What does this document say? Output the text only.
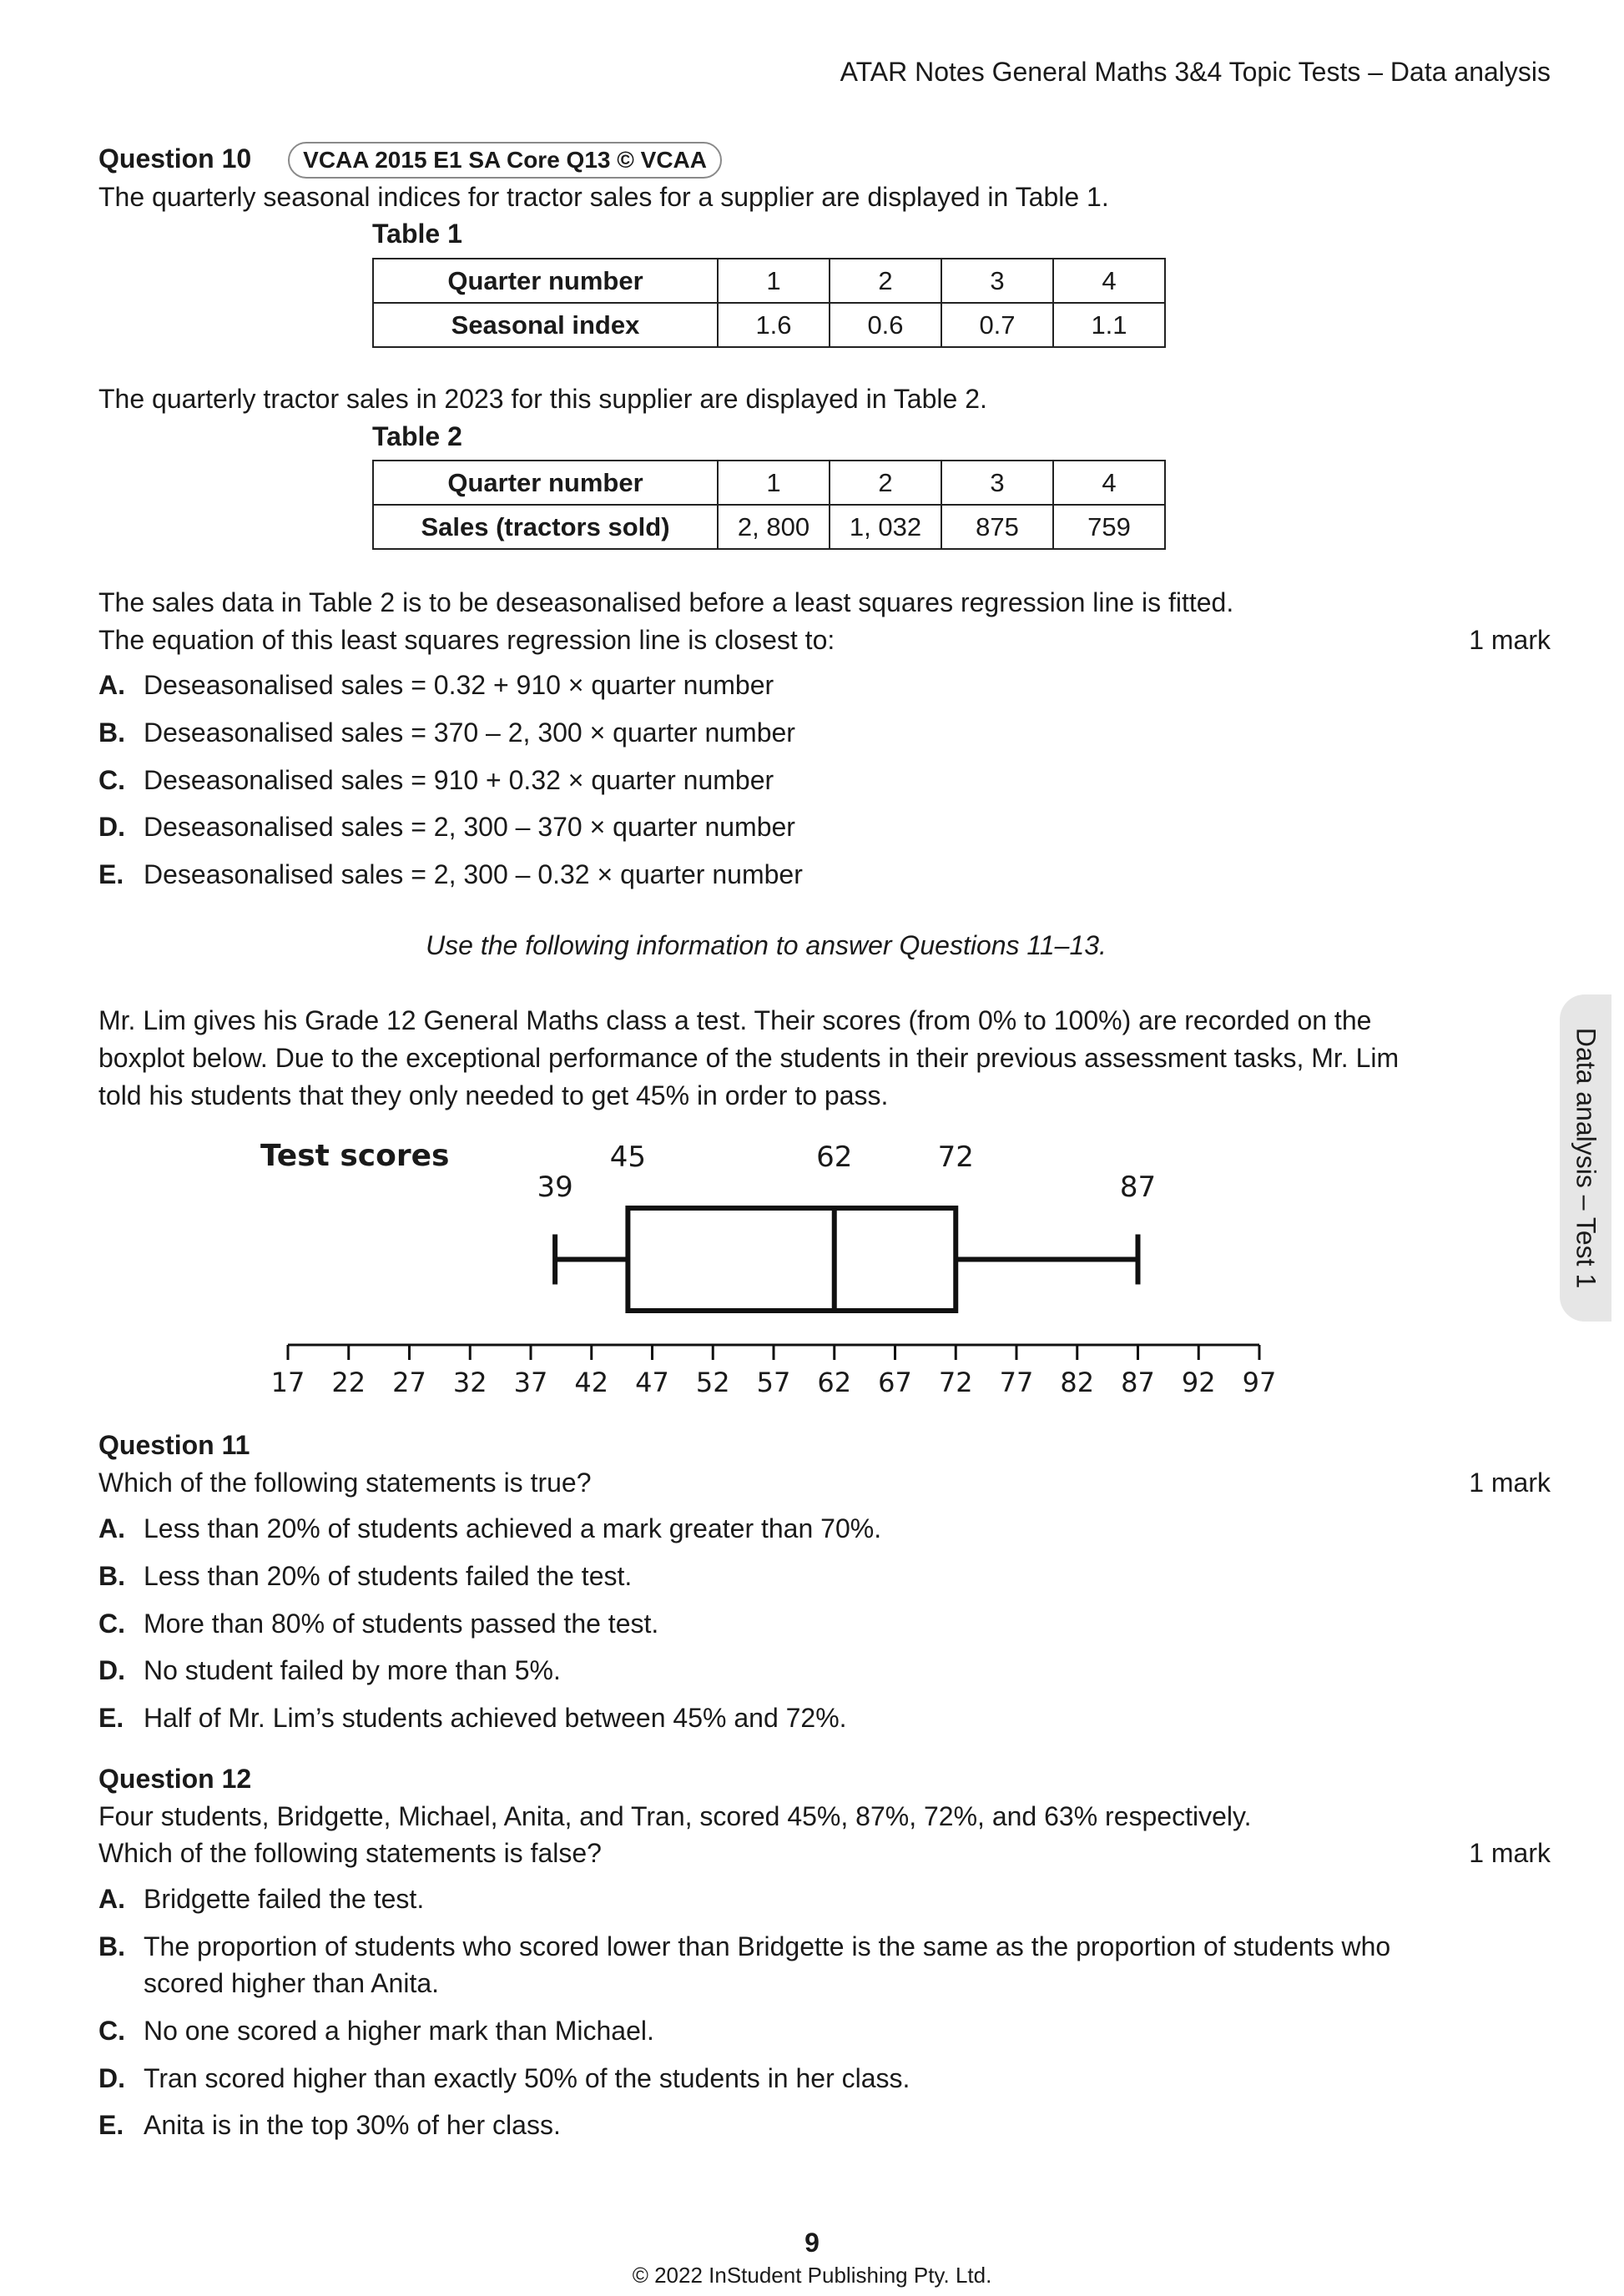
ATAR Notes General Maths 3&4 Topic Tests – Data analysis
Data analysis – Test 1
Question 10 VCAA 2015 E1 SA Core Q13 © VCAA
The quarterly seasonal indices for tractor sales for a supplier are displayed in Table 1.
Table 1
Quarter number	1	2	3	4
Seasonal index	1.6	0.6	0.7	1.1
The quarterly tractor sales in 2023 for this supplier are displayed in Table 2.
Table 2
Quarter number	1	2	3	4
Sales (tractors sold)	2, 800	1, 032	875	759
The sales data in Table 2 is to be deseasonalised before a least squares regression line is fitted.
The equation of this least squares regression line is closest to:	1 mark
A. Deseasonalised sales = 0.32 + 910 × quarter number
B. Deseasonalised sales = 370 – 2, 300 × quarter number
C. Deseasonalised sales = 910 + 0.32 × quarter number
D. Deseasonalised sales = 2, 300 – 370 × quarter number
E. Deseasonalised sales = 2, 300 – 0.32 × quarter number
Use the following information to answer Questions 11–13.
Mr. Lim gives his Grade 12 General Maths class a test. Their scores (from 0% to 100%) are recorded on the
boxplot below. Due to the exceptional performance of the students in their previous assessment tasks, Mr. Lim
told his students that they only needed to get 45% in order to pass.
Test scores
39
45	62	72
87
17 22 27 32 37 42 47 52 57 62 67 72 77 82 87 92 97
Question 11
Which of the following statements is true?	1 mark
A. Less than 20% of students achieved a mark greater than 70%.
B. Less than 20% of students failed the test.
C. More than 80% of students passed the test.
D. No student failed by more than 5%.
E. Half of Mr. Lim’s students achieved between 45% and 72%.
Question 12
Four students, Bridgette, Michael, Anita, and Tran, scored 45%, 87%, 72%, and 63% respectively.
Which of the following statements is false?	1 mark
A. Bridgette failed the test.
B. The proportion of students who scored lower than Bridgette is the same as the proportion of students who
scored higher than Anita.
C. No one scored a higher mark than Michael.
D. Tran scored higher than exactly 50% of the students in her class.
E. Anita is in the top 30% of her class.
9
© 2022 InStudent Publishing Pty. Ltd.
